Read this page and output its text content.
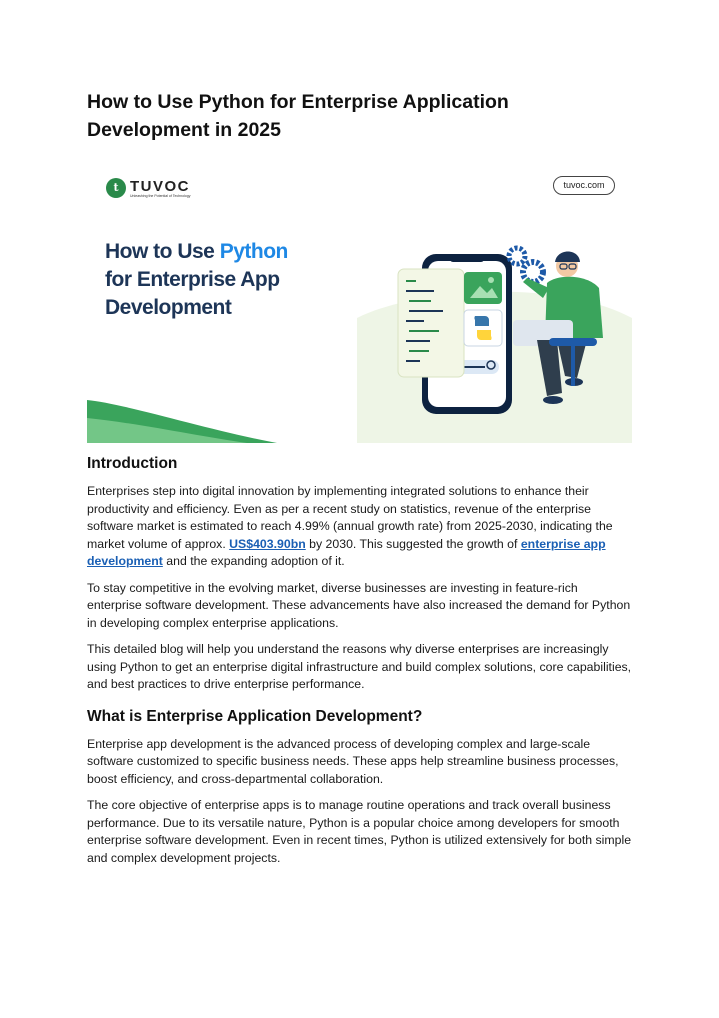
How to Use Python for Enterprise Application Development in 2025
t TUVOC
Unleashing the Potential of Technology
tuvoc.com
How to Use Python
for Enterprise App Development
Introduction

Enterprises step into digital innovation by implementing integrated solutions to enhance their productivity and efficiency. Even as per a recent study on statistics, revenue of the enterprise software market is estimated to reach 4.99% (annual growth rate) from 2025-2030, indicating the market volume of approx. US$403.90bn by 2030. This suggested the growth of enterprise app development and the expanding adoption of it.

To stay competitive in the evolving market, diverse businesses are investing in feature-rich enterprise software development. These advancements have also increased the demand for Python in developing complex enterprise applications.

This detailed blog will help you understand the reasons why diverse enterprises are increasingly using Python to get an enterprise digital infrastructure and build complex solutions, core capabilities, and best practices to drive enterprise performance.

What is Enterprise Application Development?

Enterprise app development is the advanced process of developing complex and large-scale software customized to specific business needs. These apps help streamline business processes, boost efficiency, and cross-departmental collaboration.

The core objective of enterprise apps is to manage routine operations and track overall business performance. Due to its versatile nature, Python is a popular choice among developers for smooth enterprise software development. Even in recent times, Python is utilized extensively for both simple and complex development projects.
